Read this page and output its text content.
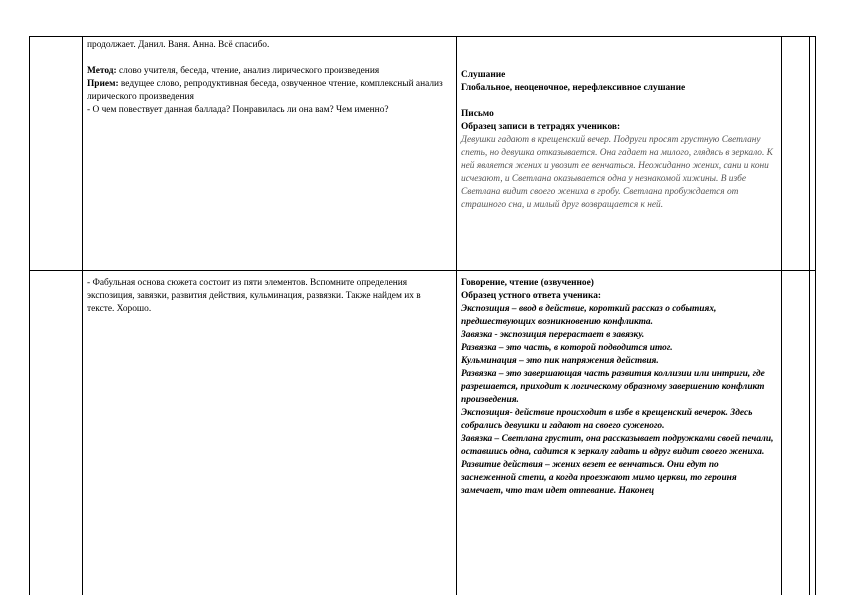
продолжает. Данил. Ваня. Анна. Всё спасибо.

Метод: слово учителя, беседа, чтение, анализ лирического произведения

Прием: ведущее слово, репродуктивная беседа, озвученное чтение, комплексный анализ лирического произведения

- О чем повествует данная баллада? Понравилась ли она вам? Чем именно?

- Фабульная основа сюжета состоит из пяти элементов. Вспомните определения экспозиция, завязки, развития действия, кульминация, развязки. Также найдем их в тексте. Хорошо.

Слушание

Глобальное, неоценочное, нерефлексивное слушание

Письмо

Образец записи в тетрадях учеников:

Девушки гадают в крещенский вечер. Подруги просят грустную Светлану спеть, но девушка отказывается. Она гадает на милого, глядясь в зеркало. К ней является жених и увозит ее венчаться. Неожиданно жених, сани и кони исчезают, и Светлана оказывается одна у незнакомой хижины. В избе Светлана видит своего жениха в гробу. Светлана пробуждается от страшного сна, и милый друг возвращается к ней.

Говорение, чтение (озвученное)

Образец устного ответа ученика:

Экспозиция – ввод в действие, короткий рассказ о событиях, предшествующих возникновению конфликта.

Завязка - экспозиция перерастает в завязку.

Развязка – это часть, в которой подводится итог.

Кульминация – это пик напряжения действия.

Развязка – это завершающая часть развития коллизии или интриги, где разрешается, приходит к логическому образному завершению конфликт произведения.

Экспозиция- действие происходит в избе в крещенский вечерок. Здесь собрались девушки и гадают на своего суженого.

Завязка – Светлана грустит, она рассказывает подружками своей печали, оставшись одна, садится к зеркалу гадать и вдруг видит своего жениха.

Развитие действия – жених везет ее венчаться. Они едут по заснеженной степи, а когда проезжают мимо церкви, то героиня замечает, что там идет отпевание. Наконец
